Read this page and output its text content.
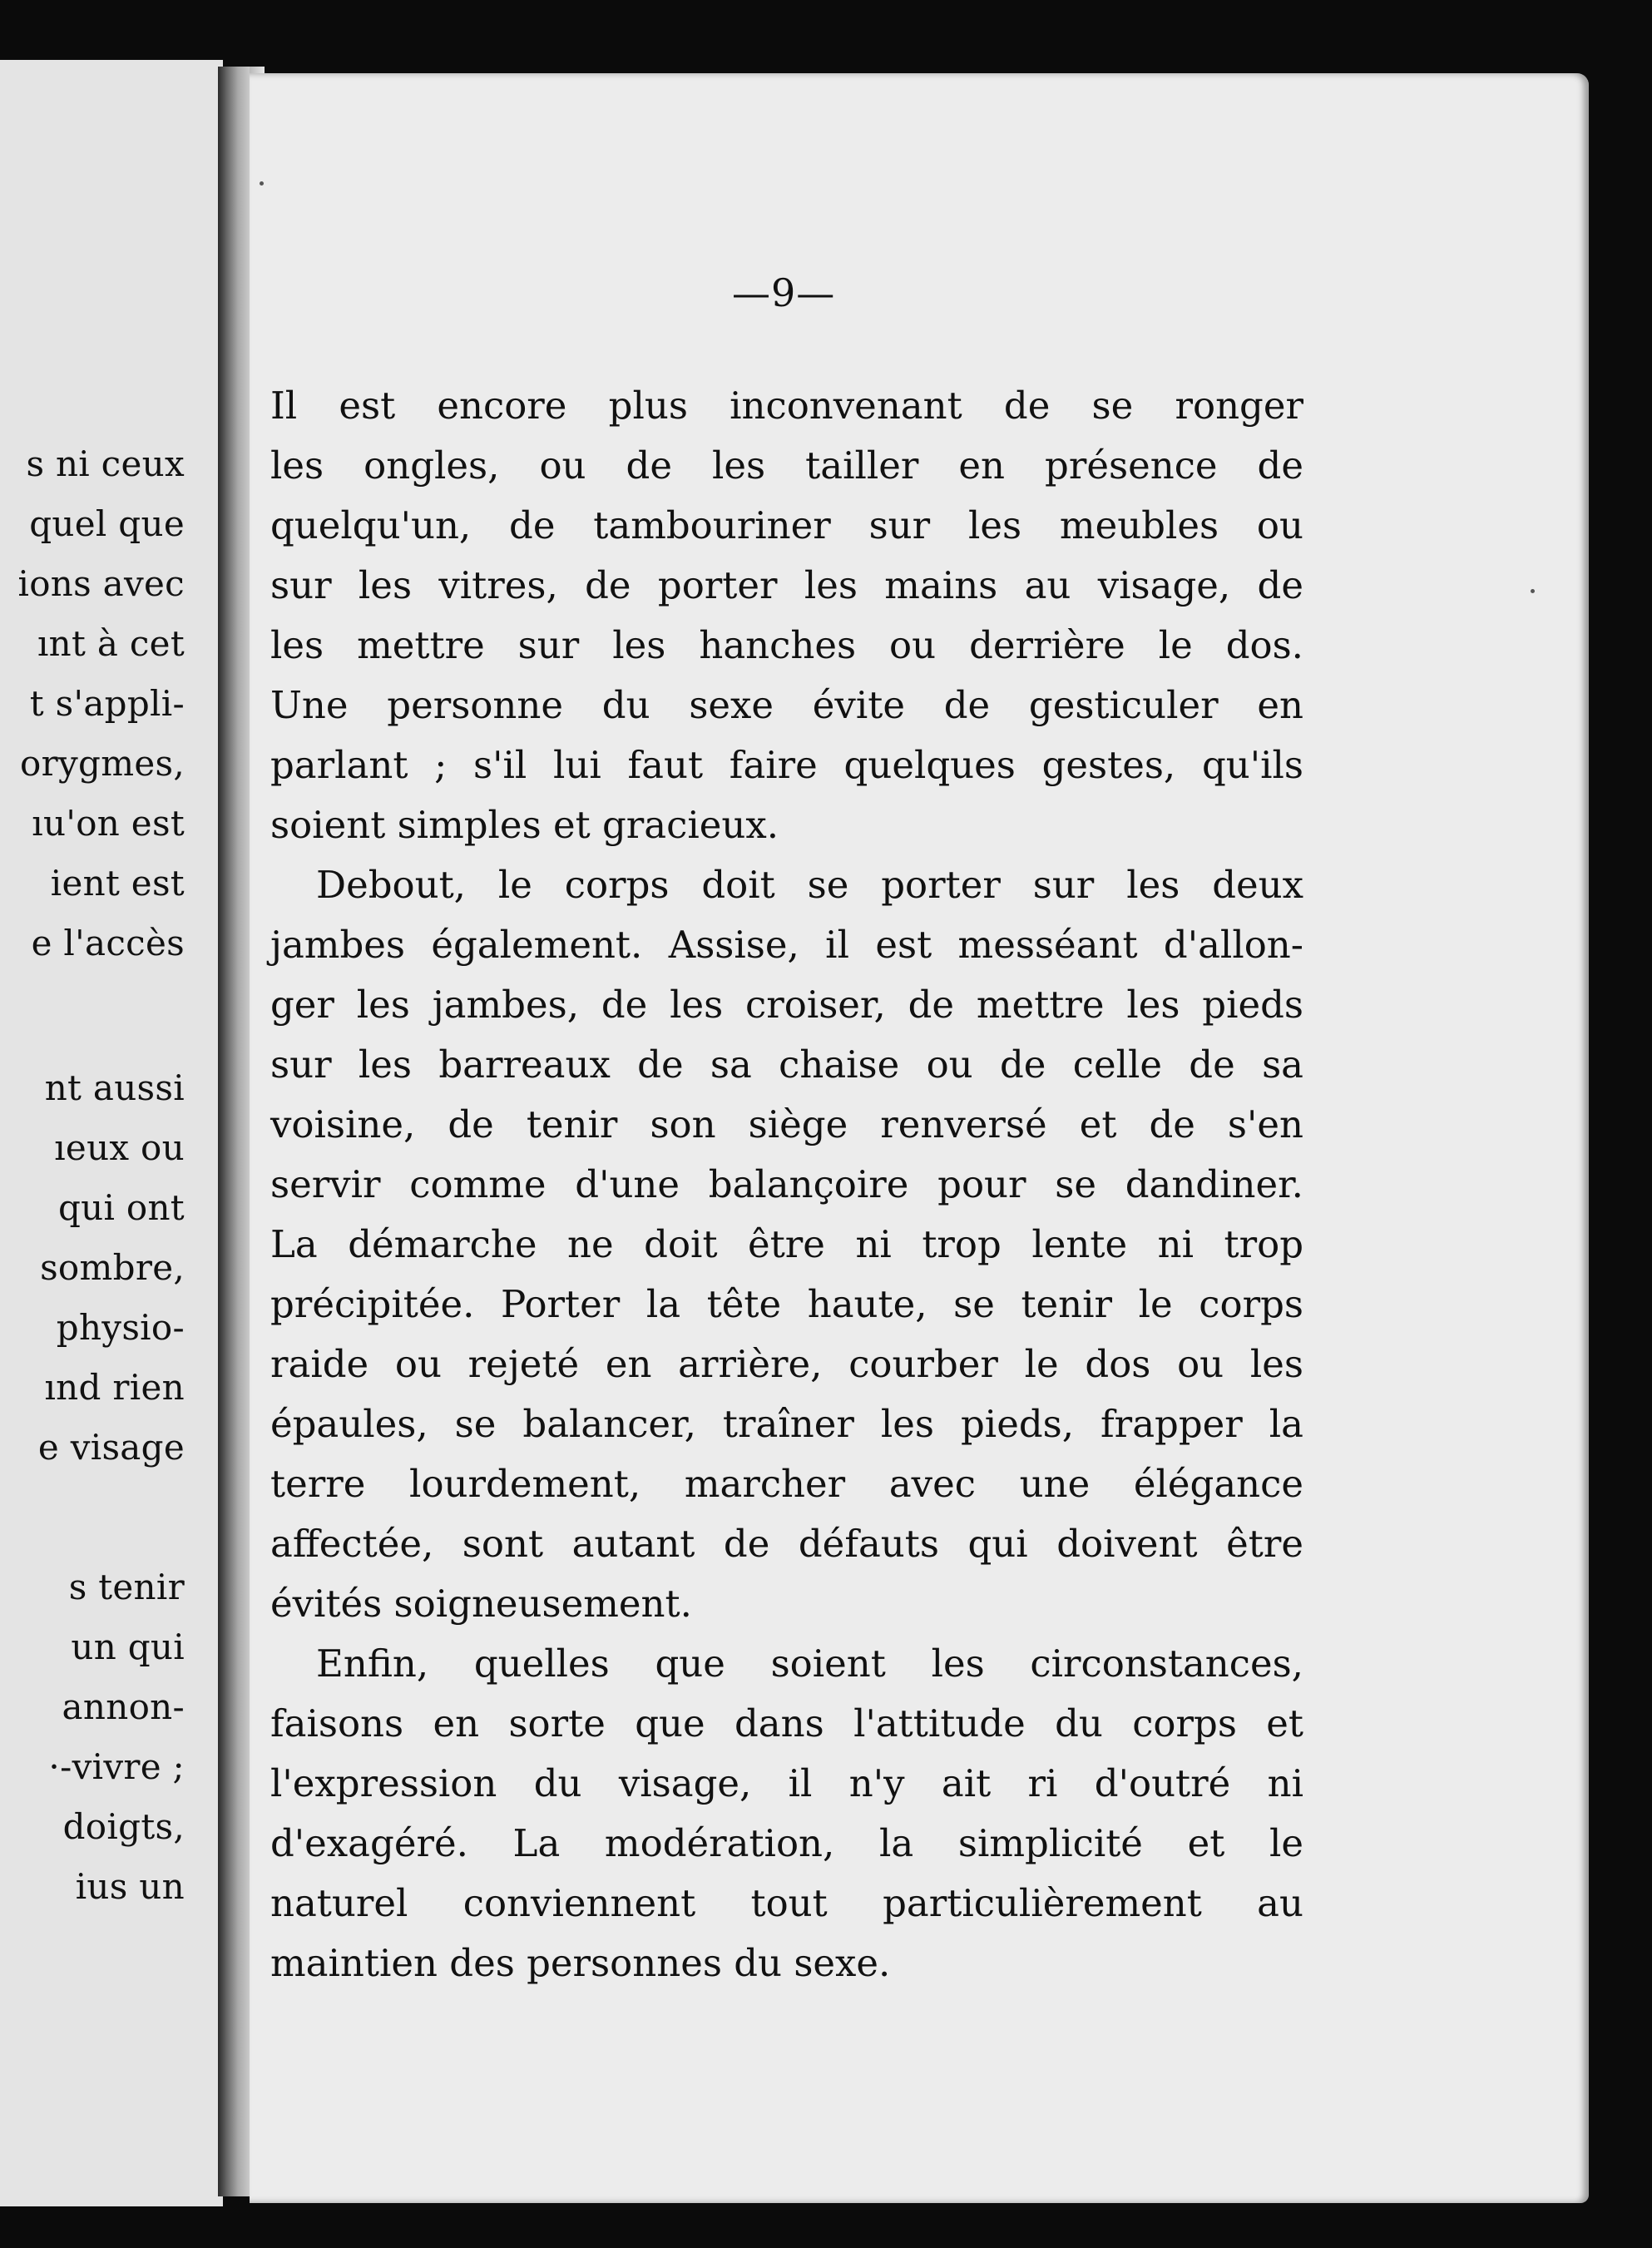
s ni ceux
quel que
ions avec
ınt à cet
t s'appli-
orygmes,
ıu'on est
ient est
e l'accès
nt aussi
ıeux ou
qui ont
sombre,
physio-
ınd rien
e visage
s tenir
un qui
annon-
·-vivre ;
doigts,
ius un
—9—
Il est encore plus inconvenant de se ronger
les ongles, ou de les tailler en présence de
quelqu'un, de tambouriner sur les meubles ou
sur les vitres, de porter les mains au visage, de
les mettre sur les hanches ou derrière le dos.
Une personne du sexe évite de gesticuler en
parlant ; s'il lui faut faire quelques gestes, qu'ils
soient simples et gracieux.
Debout, le corps doit se porter sur les deux
jambes également. Assise, il est messéant d'allon-
ger les jambes, de les croiser, de mettre les pieds
sur les barreaux de sa chaise ou de celle de sa
voisine, de tenir son siège renversé et de s'en
servir comme d'une balançoire pour se dandiner.
La démarche ne doit être ni trop lente ni trop
précipitée. Porter la tête haute, se tenir le corps
raide ou rejeté en arrière, courber le dos ou les
épaules, se balancer, traîner les pieds, frapper la
terre lourdement, marcher avec une élégance
affectée, sont autant de défauts qui doivent être
évités soigneusement.
Enfin, quelles que soient les circonstances,
faisons en sorte que dans l'attitude du corps et
l'expression du visage, il n'y ait ri d'outré ni
d'exagéré. La modération, la simplicité et le
naturel conviennent tout particulièrement au
maintien des personnes du sexe.
